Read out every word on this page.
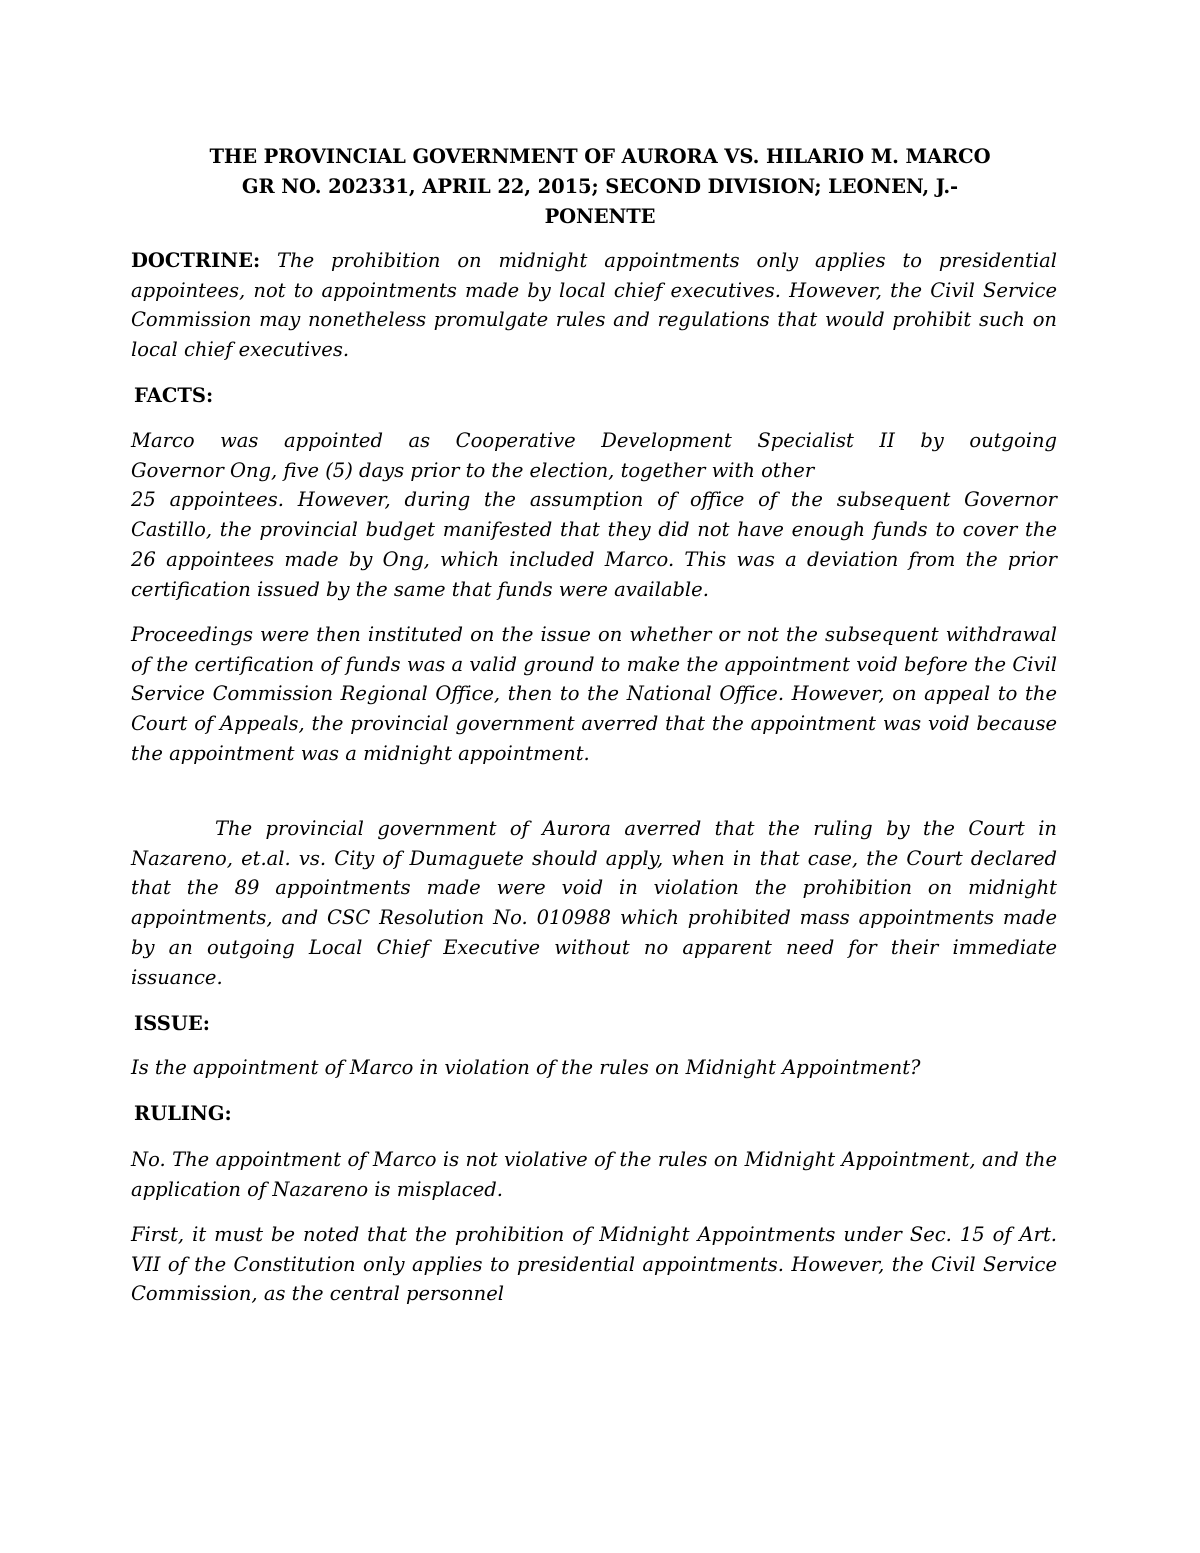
THE PROVINCIAL GOVERNMENT OF AURORA VS. HILARIO M. MARCO
GR NO. 202331, APRIL 22, 2015; SECOND DIVISION; LEONEN, J.-
PONENTE
DOCTRINE: The prohibition on midnight appointments only applies to presidential appointees, not to appointments made by local chief executives. However, the Civil Service Commission may nonetheless promulgate rules and regulations that would prohibit such on local chief executives.
FACTS:
Marco was appointed as Cooperative Development Specialist II by outgoing
Governor Ong, five (5) days prior to the election, together with other

25 appointees. However, during the assumption of office of the subsequent Governor Castillo, the provincial budget manifested that they did not have enough funds to cover the 26 appointees made by Ong, which included Marco. This was a deviation from the prior certification issued by the same that funds were available.

Proceedings were then instituted on the issue on whether or not the subsequent withdrawal of the certification of funds was a valid ground to make the appointment void before the Civil Service Commission Regional Office, then to the National Office. However, on appeal to the Court of Appeals, the provincial government averred that the appointment was void because the appointment was a midnight appointment.

The provincial government of Aurora averred that the ruling by the Court in Nazareno, et.al. vs. City of Dumaguete should apply, when in that case, the Court declared that the 89 appointments made were void in violation the prohibition on midnight appointments, and CSC Resolution No. 010988 which prohibited mass appointments made by an outgoing Local Chief Executive without no apparent need for their immediate issuance.

ISSUE:

Is the appointment of Marco in violation of the rules on Midnight Appointment?

RULING:

No. The appointment of Marco is not violative of the rules on Midnight Appointment, and the application of Nazareno is misplaced.

First, it must be noted that the prohibition of Midnight Appointments under Sec. 15 of Art. VII of the Constitution only applies to presidential appointments. However, the Civil Service Commission, as the central personnel
